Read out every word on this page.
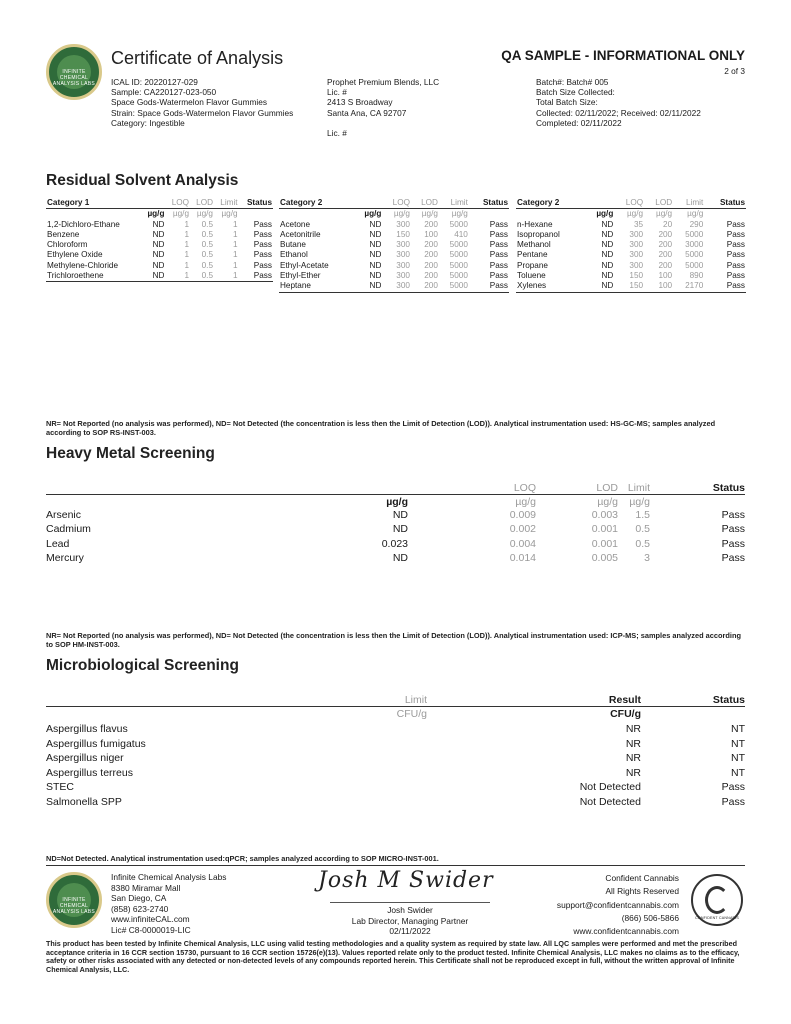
INFINITE CHEMICAL ANALYSIS LABS
Certificate of Analysis	QA SAMPLE - INFORMATIONAL ONLY
2 of 3
ICAL ID: 20220127-029
Sample: CA220127-023-050
Space Gods-Watermelon Flavor Gummies
Strain: Space Gods-Watermelon Flavor Gummies
Category: Ingestible
Prophet Premium Blends, LLC
Lic. #
2413 S Broadway
Santa Ana, CA 92707

Lic. #
Batch#: Batch# 005
Batch Size Collected:
Total Batch Size:
Collected: 02/11/2022; Received: 02/11/2022
Completed: 02/11/2022
Residual Solvent Analysis
Category 1		LOQ	LOD	Limit	Status
	µg/g	µg/g	µg/g	µg/g	
1,2-Dichloro-Ethane	ND	1	0.5	1	Pass
Benzene	ND	1	0.5	1	Pass
Chloroform	ND	1	0.5	1	Pass
Ethylene Oxide	ND	1	0.5	1	Pass
Methylene-Chloride	ND	1	0.5	1	Pass
Trichloroethene	ND	1	0.5	1	Pass
Category 2		LOQ	LOD	Limit	Status
	µg/g	µg/g	µg/g	µg/g	
Acetone	ND	300	200	5000	Pass
Acetonitrile	ND	150	100	410	Pass
Butane	ND	300	200	5000	Pass
Ethanol	ND	300	200	5000	Pass
Ethyl-Acetate	ND	300	200	5000	Pass
Ethyl-Ether	ND	300	200	5000	Pass
Heptane	ND	300	200	5000	Pass
Category 2		LOQ	LOD	Limit	Status
	µg/g	µg/g	µg/g	µg/g	
n-Hexane	ND	35	20	290	Pass
Isopropanol	ND	300	200	5000	Pass
Methanol	ND	300	200	3000	Pass
Pentane	ND	300	200	5000	Pass
Propane	ND	300	200	5000	Pass
Toluene	ND	150	100	890	Pass
Xylenes	ND	150	100	2170	Pass
NR= Not Reported (no analysis was performed), ND= Not Detected (the concentration is less then the Limit of Detection (LOD)). Analytical instrumentation used: HS-GC-MS; samples analyzed according to SOP RS-INST-003.
Heavy Metal Screening
LOQ	LOD Limit	Status
µg/g	µg/g	µg/g µg/g
Arsenic	ND	0.009	0.003 1.5	Pass
Cadmium	ND	0.002	0.001 0.5	Pass
Lead	0.023	0.004	0.001 0.5	Pass
Mercury	ND	0.014	0.005 3	Pass
NR= Not Reported (no analysis was performed), ND= Not Detected (the concentration is less then the Limit of Detection (LOD)). Analytical instrumentation used: ICP-MS; samples analyzed according to SOP HM-INST-003.
Microbiological Screening
Limit	Result	Status
CFU/g	CFU/g
Aspergillus flavus	NR	NT
Aspergillus fumigatus	NR	NT
Aspergillus niger	NR	NT
Aspergillus terreus	NR	NT
STEC	Not Detected	Pass
Salmonella SPP	Not Detected	Pass
ND=Not Detected. Analytical instrumentation used:qPCR; samples analyzed according to SOP MICRO-INST-001.
INFINITE CHEMICAL ANALYSIS LABS
Infinite Chemical Analysis Labs
8380 Miramar Mall
San Diego, CA
(858) 623-2740
www.infiniteCAL.com
Lic# C8-0000019-LIC
Josh M Swider
Josh Swider
Lab Director, Managing Partner
02/11/2022
Confident Cannabis
All Rights Reserved
support@confidentcannabis.com
(866) 506-5866
www.confidentcannabis.com
CONFIDENT CANNABIS
This product has been tested by Infinite Chemical Analysis, LLC using valid testing methodologies and a quality system as required by state law. All LQC samples were performed and met the prescribed acceptance criteria in 16 CCR section 15730, pursuant to 16 CCR section 15726(e)(13). Values reported relate only to the product tested. Infinite Chemical Analysis, LLC makes no claims as to the efficacy, safety or other risks associated with any detected or non-detected levels of any compounds reported herein. This Certificate shall not be reproduced except in full, without the written approval of Infinite Chemical Analysis, LLC.
